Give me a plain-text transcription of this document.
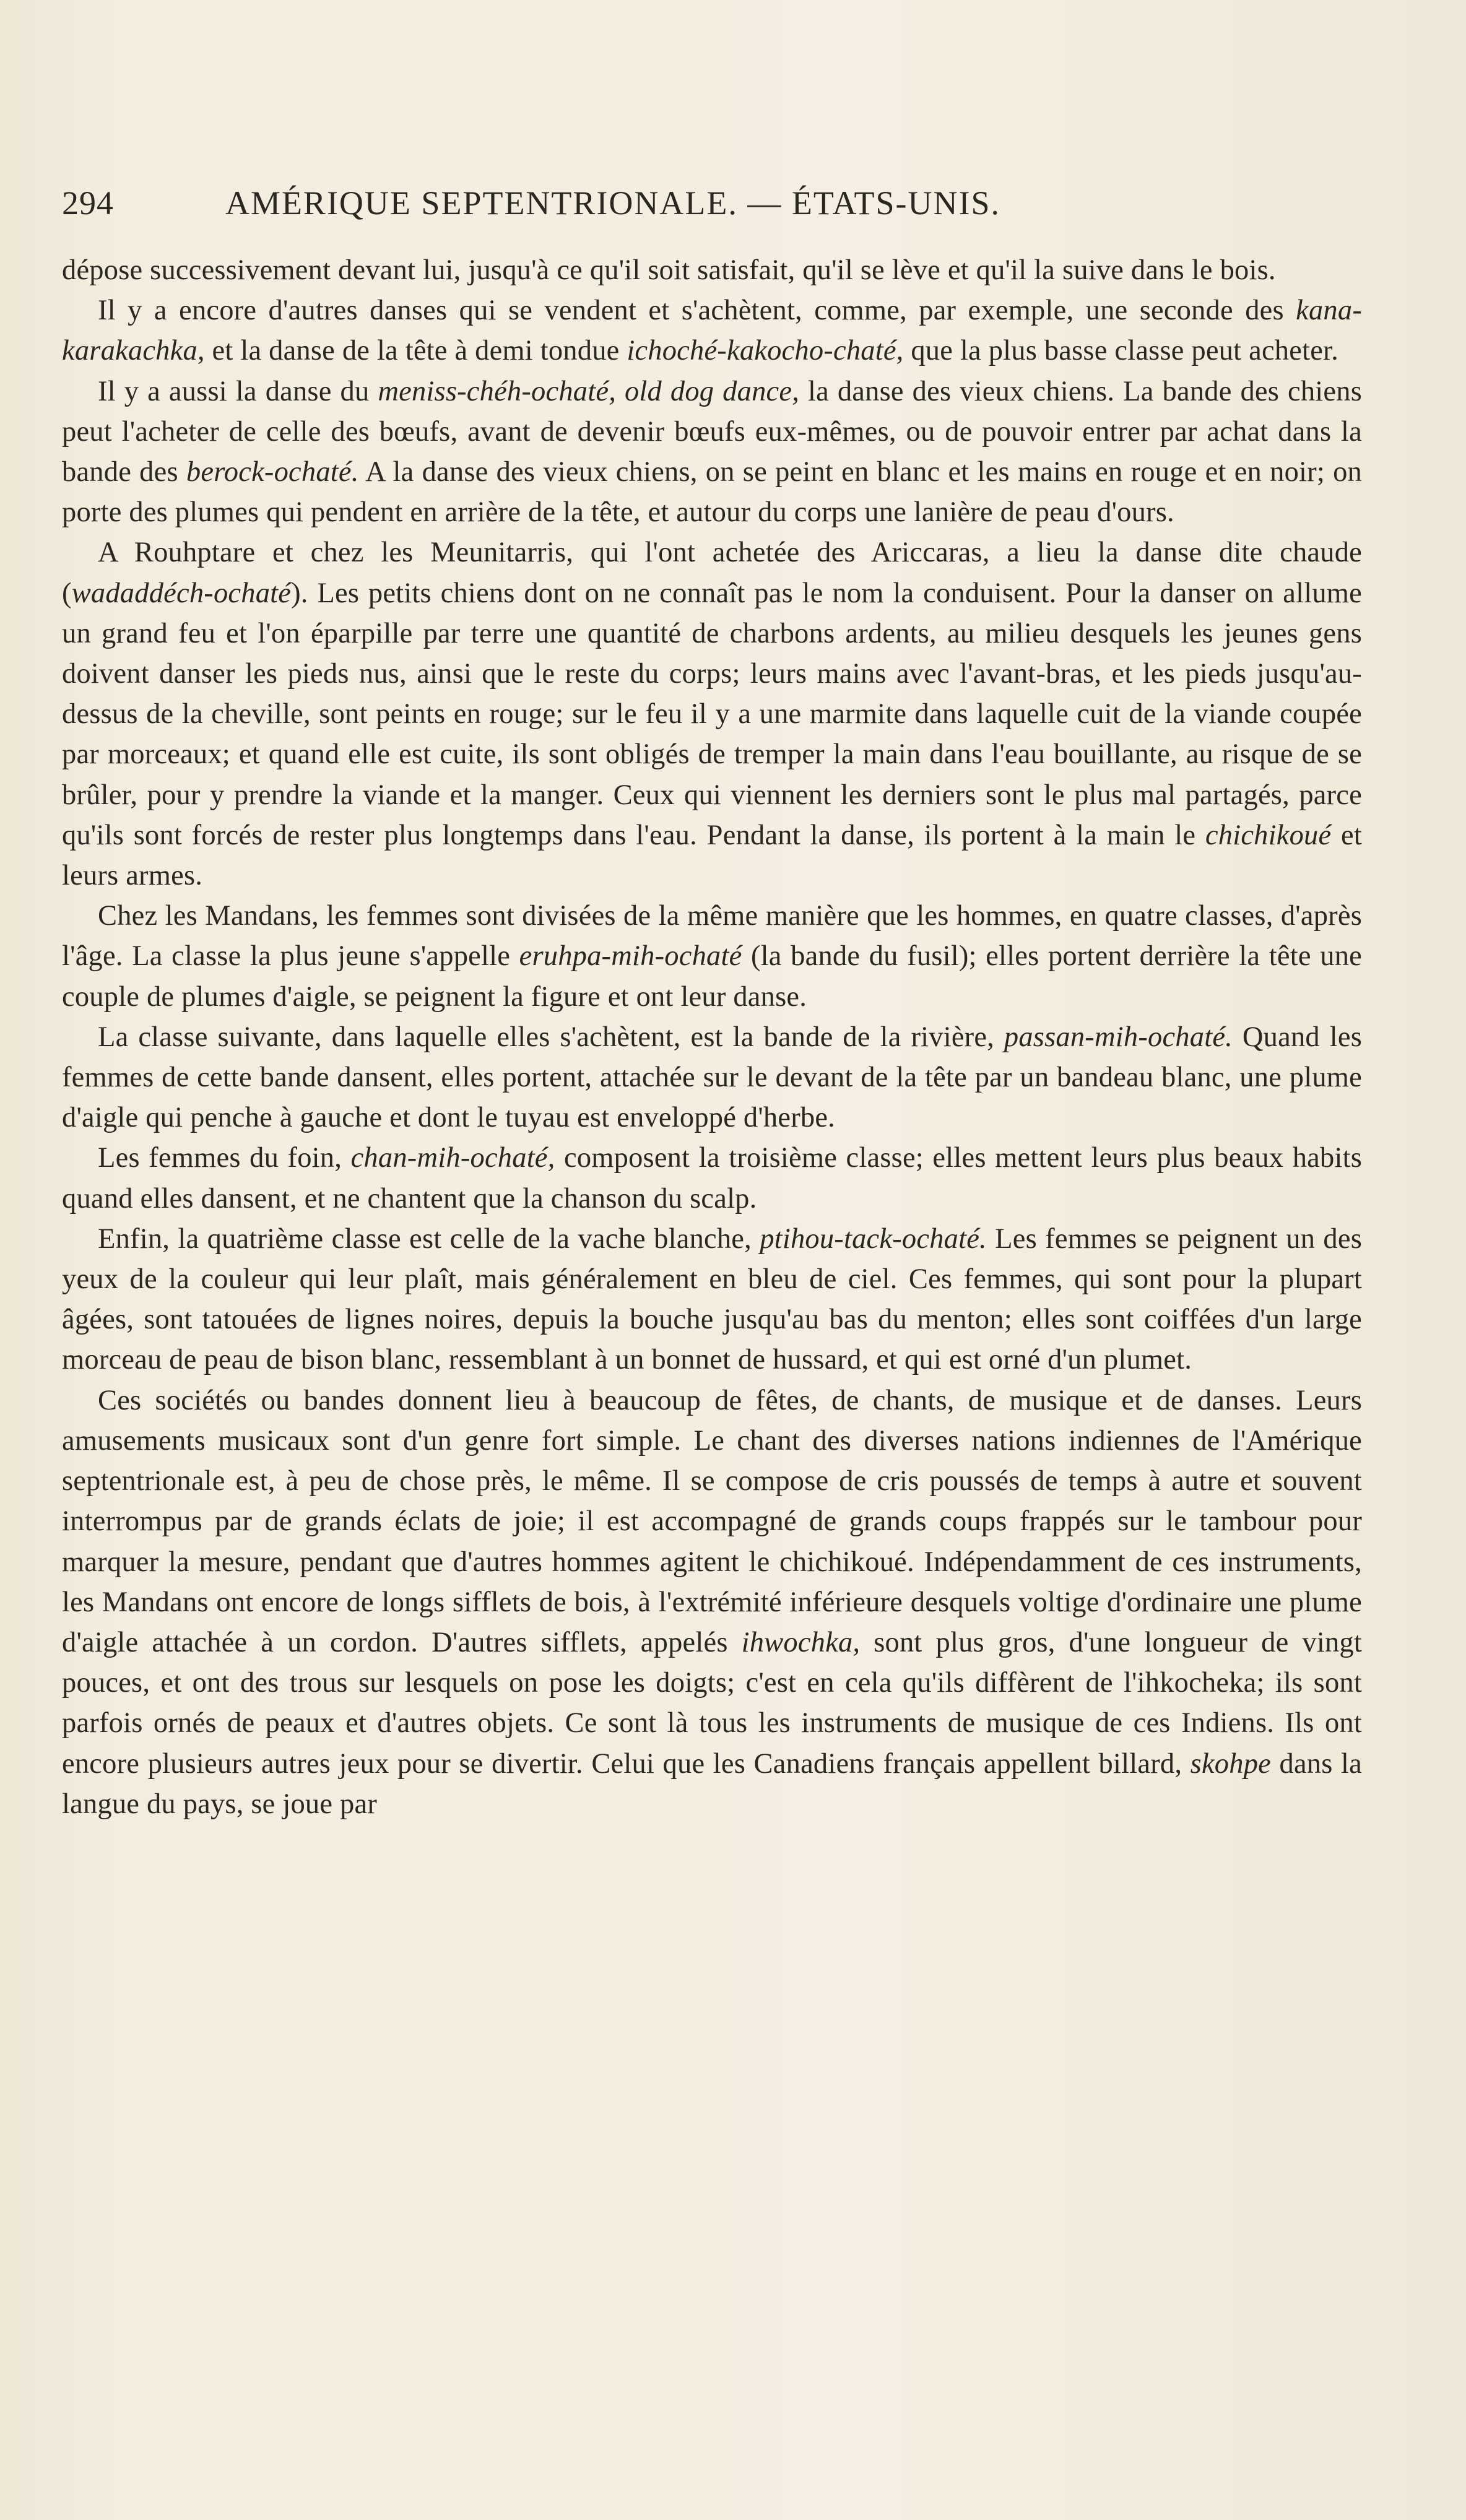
294	AMÉRIQUE SEPTENTRIONALE. — ÉTATS-UNIS.

dépose successivement devant lui, jusqu'à ce qu'il soit satisfait, qu'il se lève et qu'il la suive dans le bois.

Il y a encore d'autres danses qui se vendent et s'achètent, comme, par exemple, une seconde des kana-karakachka, et la danse de la tête à demi tondue ichoché-kakocho-chaté, que la plus basse classe peut acheter.

Il y a aussi la danse du meniss-chéh-ochaté, old dog dance, la danse des vieux chiens. La bande des chiens peut l'acheter de celle des bœufs, avant de devenir bœufs eux-mêmes, ou de pouvoir entrer par achat dans la bande des berock-ochaté. A la danse des vieux chiens, on se peint en blanc et les mains en rouge et en noir; on porte des plumes qui pendent en arrière de la tête, et autour du corps une lanière de peau d'ours.

A Rouhptare et chez les Meunitarris, qui l'ont achetée des Ariccaras, a lieu la danse dite chaude (wadaddéch-ochaté). Les petits chiens dont on ne connaît pas le nom la conduisent. Pour la danser on allume un grand feu et l'on éparpille par terre une quantité de charbons ardents, au milieu desquels les jeunes gens doivent danser les pieds nus, ainsi que le reste du corps; leurs mains avec l'avant-bras, et les pieds jusqu'au-dessus de la cheville, sont peints en rouge; sur le feu il y a une marmite dans laquelle cuit de la viande coupée par morceaux; et quand elle est cuite, ils sont obligés de tremper la main dans l'eau bouillante, au risque de se brûler, pour y prendre la viande et la manger. Ceux qui viennent les derniers sont le plus mal partagés, parce qu'ils sont forcés de rester plus longtemps dans l'eau. Pendant la danse, ils portent à la main le chichikoué et leurs armes.

Chez les Mandans, les femmes sont divisées de la même manière que les hommes, en quatre classes, d'après l'âge. La classe la plus jeune s'appelle eruhpa-mih-ochaté (la bande du fusil); elles portent derrière la tête une couple de plumes d'aigle, se peignent la figure et ont leur danse.

La classe suivante, dans laquelle elles s'achètent, est la bande de la rivière, passan-mih-ochaté. Quand les femmes de cette bande dansent, elles portent, attachée sur le devant de la tête par un bandeau blanc, une plume d'aigle qui penche à gauche et dont le tuyau est enveloppé d'herbe.

Les femmes du foin, chan-mih-ochaté, composent la troisième classe; elles mettent leurs plus beaux habits quand elles dansent, et ne chantent que la chanson du scalp.

Enfin, la quatrième classe est celle de la vache blanche, ptihou-tack-ochaté. Les femmes se peignent un des yeux de la couleur qui leur plaît, mais généralement en bleu de ciel. Ces femmes, qui sont pour la plupart âgées, sont tatouées de lignes noires, depuis la bouche jusqu'au bas du menton; elles sont coiffées d'un large morceau de peau de bison blanc, ressemblant à un bonnet de hussard, et qui est orné d'un plumet.

Ces sociétés ou bandes donnent lieu à beaucoup de fêtes, de chants, de musique et de danses. Leurs amusements musicaux sont d'un genre fort simple. Le chant des diverses nations indiennes de l'Amérique septentrionale est, à peu de chose près, le même. Il se compose de cris poussés de temps à autre et souvent interrompus par de grands éclats de joie; il est accompagné de grands coups frappés sur le tambour pour marquer la mesure, pendant que d'autres hommes agitent le chichikoué. Indépendamment de ces instruments, les Mandans ont encore de longs sifflets de bois, à l'extrémité inférieure desquels voltige d'ordinaire une plume d'aigle attachée à un cordon. D'autres sifflets, appelés ihwochka, sont plus gros, d'une longueur de vingt pouces, et ont des trous sur lesquels on pose les doigts; c'est en cela qu'ils diffèrent de l'ihkocheka; ils sont parfois ornés de peaux et d'autres objets. Ce sont là tous les instruments de musique de ces Indiens. Ils ont encore plusieurs autres jeux pour se divertir. Celui que les Canadiens français appellent billard, skohpe dans la langue du pays, se joue par
